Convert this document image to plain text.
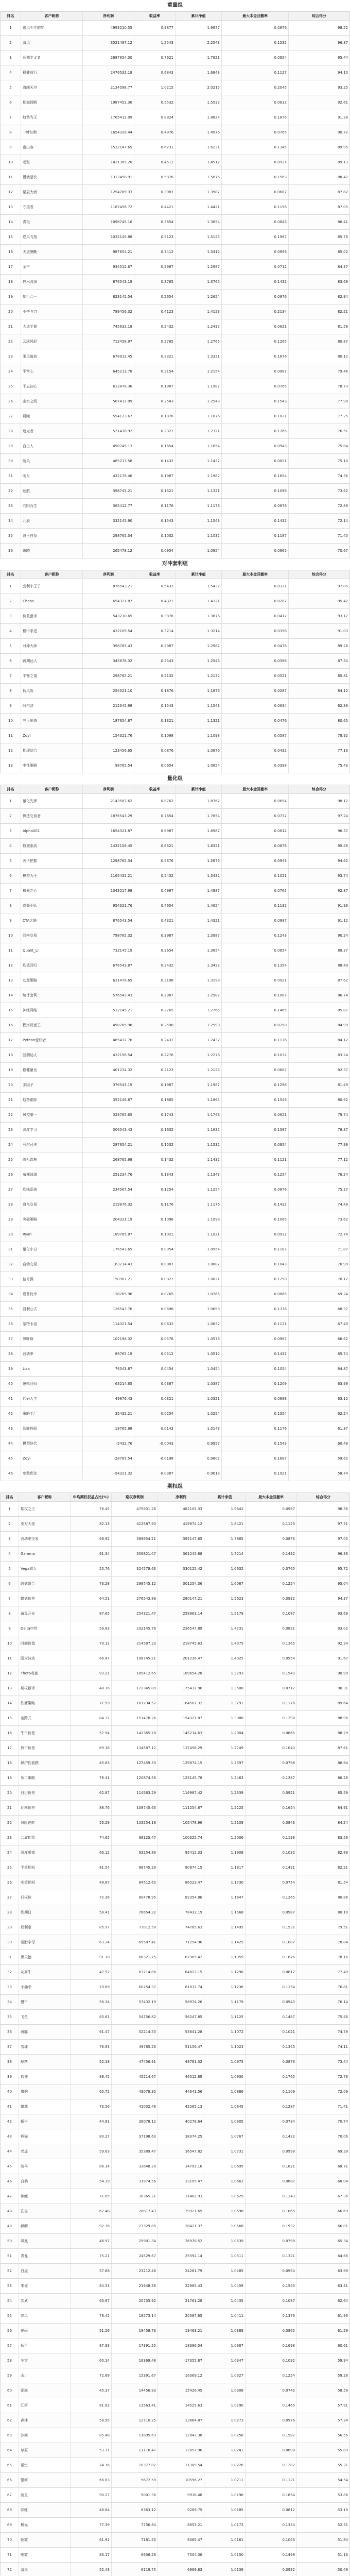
重量组
排名	客户昵称	净利润	收益率	累计净值	最大本金回撤率	综合得分
1	追风少年的梦	4993210.55	0.9877	1.9877	0.0876	98.52
2	清风	3521487.12	1.2543	2.2543	0.1532	96.87
3	长期主义者	2987654.30	0.7621	1.7621	0.0954	95.44
4	稳健前行	2476532.18	0.6843	1.6843	0.1127	94.10
5	海阔天空	2134598.77	1.0215	2.0215	0.2045	93.25
6	期海扬帆	1987452.36	0.5532	1.5532	0.0832	92.61
7	趋势为王	1765412.09	0.8824	1.8824	0.1876	91.38
8	一叶知秋	1654328.44	0.4976	1.4976	0.0765	90.72
9	南山客	1532147.65	0.6231	1.6231	0.1345	89.95
10	老张	1421365.20	0.4512	1.4512	0.0921	89.13
11	慢就是快	1312458.91	0.5876	1.5876	0.1563	88.47
12	星辰大海	1254789.33	0.3987	1.3987	0.0687	87.82
13	守望者	1187456.72	0.4421	1.4421	0.1198	87.05
14	青松	1098745.16	0.3654	1.3654	0.0843	86.41
15	逆风飞翔	1032145.88	0.5123	1.5123	0.1987	85.76
16	天道酬勤	987654.21	0.3412	1.3412	0.0956	85.02
17	金牛	934512.67	0.2987	1.2987	0.0712	84.37
18	静水流深	876543.19	0.3765	1.3765	0.1432	83.69
19	知行合一	823145.54	0.2654	1.2654	0.0876	82.94
20	小李飞刀	789456.32	0.4123	1.4123	0.2134	82.21
21	大道至简	745632.18	0.2432	1.2432	0.0921	81.58
22	云淡风轻	712458.97	0.2765	1.2765	0.1265	80.87
23	乘风破浪	678912.45	0.3321	1.3321	0.1876	80.12
24	平常心	645213.78	0.2154	1.2154	0.0987	79.46
25	不忘初心	612478.36	0.1987	1.1987	0.0765	78.73
26	山水之间	587412.09	0.2543	1.2543	0.1543	77.98
27	晨曦	554123.67	0.1876	1.1876	0.1021	77.25
28	追光者	521478.92	0.2321	1.2321	0.1765	76.51
29	自由人	498745.13	0.1654	1.1654	0.0943	75.84
30	随风	465213.58	0.1432	1.1432	0.0821	75.10
31	明月	432178.46	0.1987	1.1987	0.1654	74.36
32	远航	398745.21	0.1321	1.1321	0.1098	73.62
33	向阳而生	365412.77	0.1176	1.1176	0.0876	72.89
34	北辰	332145.90	0.1543	1.1543	0.1432	72.14
35	浪里白条	298765.34	0.1032	1.1032	0.1187	71.40
36	破晓	265478.12	0.0954	1.0954	0.0965	70.67
对冲套利组
排名	客户昵称	净利润	收益率	累计净值	最大本金回撤率	综合得分
1	套利小王子	876543.21	0.5432	1.5432	0.0321	97.85
2	Chaos	654321.87	0.4321	1.4321	0.0287	95.42
3	价差猎手	543210.65	0.3876	1.3876	0.0412	93.17
4	稳中求进	432109.54	0.3214	1.3214	0.0356	91.03
5	对冲大师	398765.43	0.2987	1.2987	0.0478	89.26
6	跨期达人	345678.32	0.2543	1.2543	0.0398	87.54
7	平衡之道	298765.21	0.2132	1.2132	0.0521	85.81
8	低风险	254321.10	0.1876	1.1876	0.0287	84.12
9	阿尔法	212345.98	0.1543	1.1543	0.0634	82.39
10	守正出奇	187654.87	0.1321	1.1321	0.0476	80.65
11	Zoyl	154321.76	0.1098	1.1098	0.0587	78.92
12	期现结合	123456.65	0.0876	1.0876	0.0432	77.18
13	中性策略	98765.54	0.0654	1.0654	0.0398	75.43
量化组
排名	客户昵称	净利润	收益率	累计净值	最大本金回撤率	综合得分
1	量化先锋	2143587.62	0.8762	1.8762	0.0654	98.12
2	算法交易者	1876543.29	0.7654	1.7654	0.0732	97.24
3	Alpha001	1654321.87	0.6987	1.6987	0.0812	96.37
4	数据驱动	1432156.45	0.6321	1.6321	0.0876	95.49
5	因子挖掘	1298765.34	0.5876	1.5876	0.0943	94.62
6	模型为王	1165432.21	0.5432	1.5432	0.1021	93.74
7	机器之心	1043217.98	0.4987	1.4987	0.0765	92.87
8	高频小队	954321.76	0.4654	1.4654	0.1132	91.99
9	CTA之路	876543.54	0.4321	1.4321	0.0987	91.12
10	网格交易	798765.32	0.3987	1.3987	0.1243	90.24
11	Quant_Li	732145.19	0.3654	1.3654	0.0854	89.37
12	均值回归	676543.87	0.3432	1.3432	0.1354	88.49
13	动量策略	621478.65	0.3198	1.3198	0.0921	87.62
14	统计套利	576543.43	0.2987	1.2987	0.1087	86.74
15	神经网络	532145.21	0.2765	1.2765	0.1465	85.87
16	程序员老王	498765.98	0.2598	1.2598	0.0798	84.99
17	Python爱好者	465432.76	0.2432	1.2432	0.1176	84.12
18	回测达人	432198.54	0.2276	1.2276	0.1032	83.24
19	稳健量化	401234.32	0.2123	1.2123	0.0687	82.37
20	多因子	376543.19	0.1987	1.1987	0.1298	81.49
21	趋势跟踪	352146.87	0.1865	1.1865	0.1543	80.62
22	风控第一	328765.65	0.1743	1.1743	0.0621	79.74
23	深度学习	306543.43	0.1632	1.1632	0.1387	78.87
24	马尔可夫	287654.21	0.1532	1.1532	0.0954	77.99
25	随机森林	268765.98	0.1432	1.1432	0.1121	77.12
26	布林通道	251234.76	0.1343	1.1343	0.1254	76.24
27	均线系统	234567.54	0.1254	1.1254	0.0876	75.37
28	海龟交易	219876.32	0.1176	1.1176	0.1432	74.49
29	突破策略	204321.19	0.1098	1.1098	0.1065	73.62
30	Ryan	189765.87	0.1021	1.1021	0.0932	72.74
31	量化小白	176543.65	0.0954	1.0954	0.1187	71.87
32	自动交易	163214.43	0.0887	1.0887	0.1043	70.99
33	信号源	150987.21	0.0821	1.0821	0.1298	70.12
34	夏普比率	138765.98	0.0765	1.0765	0.0865	69.24
35	凯利公式	126543.76	0.0698	1.0698	0.1376	68.37
36	蒙特卡洛	114321.54	0.0632	1.0632	0.1121	67.49
37	贝叶斯	102198.32	0.0576	1.0576	0.0987	66.62
38	波动率	89765.19	0.0512	1.0512	0.1432	65.74
39	Lisa	76543.87	0.0454	1.0454	0.1054	64.87
40	逻辑回归	63214.65	0.0387	1.0387	0.1209	63.99
41	代码人生	49876.43	0.0321	1.0321	0.0898	63.12
42	策略工厂	35432.21	0.0254	1.0254	0.1354	62.24
43	智能投顾	18765.98	0.0143	1.0143	0.1176	61.37
44	模型迭代	-5432.76	-0.0043	0.9957	0.1543	60.49
45	Zoyl	-28765.54	-0.0198	0.9802	0.1687	59.62
46	参数优化	-54321.32	-0.0387	0.9613	0.1921	58.74
期权组
排名	客户昵称	年均期权权益占比(%)	期权净利润	净利润	累计净值	最大本金回撤率	综合得分
1	期权之王	76.45	475931.26	482105.33	1.9642	0.0987	98.36
2	卖方大佬	82.13	412587.90	419874.12	1.8421	0.1123	97.71
3	波动率交易	68.92	389654.21	392147.65	1.7865	0.0876	97.05
4	Gamma	91.34	356821.47	361245.88	1.7214	0.1432	96.38
5	Vega猎人	55.76	324578.63	330125.42	1.6632	0.0765	95.72
6	跨式组合	73.28	298745.12	301254.36	1.6087	0.1254	95.04
7	蝶式价差	64.51	276543.89	280147.21	1.5623	0.0932	94.37
8	备兑开仓	87.65	254321.47	258963.14	1.5179	0.1087	93.69
9	Delta中性	59.83	232145.76	236547.89	1.4731	0.0821	93.02
10	时间价值	79.12	214587.33	218745.63	1.4375	0.1365	92.34
11	隐含波动	66.47	198745.21	201236.47	1.4025	0.0954	91.67
12	Theta收割	93.21	185412.65	189654.28	1.3793	0.1543	90.99
13	期权新手	48.76	172345.89	175412.96	1.3508	0.0712	90.31
14	铁鹰策略	71.59	161234.57	164587.32	1.3291	0.1176	89.64
15	宽跨式	84.32	151478.26	154321.87	1.3086	0.1298	88.96
16	牛市价差	57.94	142365.78	145214.63	1.2904	0.0865	88.29
17	熊市价差	69.18	134587.12	137456.29	1.2749	0.1043	87.61
18	保护性看跌	45.63	127459.33	129874.15	1.2597	0.0798	86.94
19	领口策略	78.41	120874.56	123145.78	1.2463	0.1387	86.26
20	日历价差	62.87	114563.29	116987.42	1.2339	0.0921	85.59
21	比率价差	88.76	108745.63	111254.87	1.2225	0.1654	84.91
22	风险逆转	53.29	103254.18	105478.96	1.2109	0.0843	84.24
23	合成期货	74.65	98125.47	100325.74	1.2006	0.1198	83.56
24	深度虚值	66.12	93254.86	95412.33	1.1908	0.1032	82.89
25	平值期权	81.54	88745.29	90874.15	1.1817	0.1421	82.21
26	实值期权	49.87	84512.63	86523.47	1.1730	0.0754	81.54
27	行权价	72.36	80478.95	82354.86	1.1647	0.1265	80.86
28	到期日	58.41	76654.32	78432.19	1.1568	0.0987	80.19
29	权利金	85.97	73012.58	74785.63	1.1495	0.1532	79.51
30	希腊字母	63.24	69587.41	71254.96	1.1425	0.1087	78.84
31	黑天鹅	91.78	66321.75	67965.42	1.1359	0.1876	78.16
32	灰犀牛	47.52	63214.86	64823.15	1.1296	0.0812	77.49
33	小确幸	70.89	60254.37	61832.74	1.1236	0.1154	76.81
34	慢牛	56.34	57432.19	58974.26	1.1179	0.0943	76.14
35	飞鱼	83.61	54756.82	56247.85	1.1125	0.1487	75.46
36	海豚	61.47	52214.53	53641.28	1.1072	0.1021	74.79
37	雪球	76.93	49785.26	51156.47	1.1023	0.1345	74.11
38	鲸落	52.18	47456.91	48781.32	1.0975	0.0876	73.44
39	狐狸	89.45	45214.67	46512.89	1.0930	0.1765	72.76
40	猎豹	65.72	43078.35	44341.56	1.0886	0.1109	72.09
41	雄鹰	73.56	41032.48	42265.13	1.0845	0.1287	71.41
42	蜗牛	44.81	39078.12	40278.64	1.0805	0.0734	70.74
43	熊猫	80.27	37198.63	38374.25	1.0767	0.1432	70.06
44	老虎	59.63	35389.47	36547.82	1.0731	0.0998	69.39
45	骏马	86.14	33648.29	34793.16	1.0695	0.1621	68.71
46	白鹤	54.39	31974.56	33105.47	1.0662	0.0887	68.04
47	锦鲤	71.85	30365.21	31482.93	1.0629	0.1243	67.36
48	孔雀	62.48	28817.43	29921.65	1.0598	0.1065	66.69
49	麒麟	92.36	27329.85	28421.37	1.0568	0.1932	66.01
50	凤凰	46.97	25901.34	26978.52	1.0539	0.0798	65.34
51	青龙	75.21	24529.67	25592.14	1.0511	0.1321	64.66
52	白虎	57.68	23212.48	24261.79	1.0485	0.0954	63.99
53	朱雀	84.53	21948.36	22985.43	1.0459	0.1543	63.31
54	玄武	63.87	20735.92	21761.28	1.0435	0.1087	62.64
55	春风	78.42	19573.14	20587.65	1.0411	0.1376	61.96
56	夏雨	51.26	18458.73	19463.21	1.0389	0.0865	61.29
57	秋月	87.93	17391.25	18386.54	1.0367	0.1698	60.61
58	冬雪	60.14	16369.48	17355.87	1.0347	0.1032	59.94
59	山川	72.69	15391.67	16369.12	1.0327	0.1254	59.26
60	湖海	45.37	14456.93	15426.45	1.0308	0.0743	58.59
61	江河	81.82	13563.41	14525.63	1.0290	0.1465	57.91
62	森林	58.95	12710.25	13664.87	1.0273	0.0976	57.24
63	沙漠	85.48	11895.63	12842.38	1.0256	0.1587	56.56
64	草原	53.71	11118.47	12057.96	1.0241	0.0898	55.89
65	星空	74.16	10377.82	11309.54	1.0226	0.1287	55.21
66	银河	66.83	9672.59	10596.27	1.0211	0.1121	54.54
67	流星	90.27	9001.36	9916.48	1.0198	0.1854	53.86
68	彩虹	48.64	8363.12	9269.75	1.0185	0.0812	53.19
69	极光	77.39	7756.84	8653.21	1.0173	0.1354	52.51
70	朝霞	61.92	7181.53	8065.47	1.0161	0.1043	51.84
71	晚霞	83.17	6636.28	7504.36	1.0150	0.1498	51.16
72	清泉	55.43	6119.75	6969.83	1.0139	0.0932	50.49
